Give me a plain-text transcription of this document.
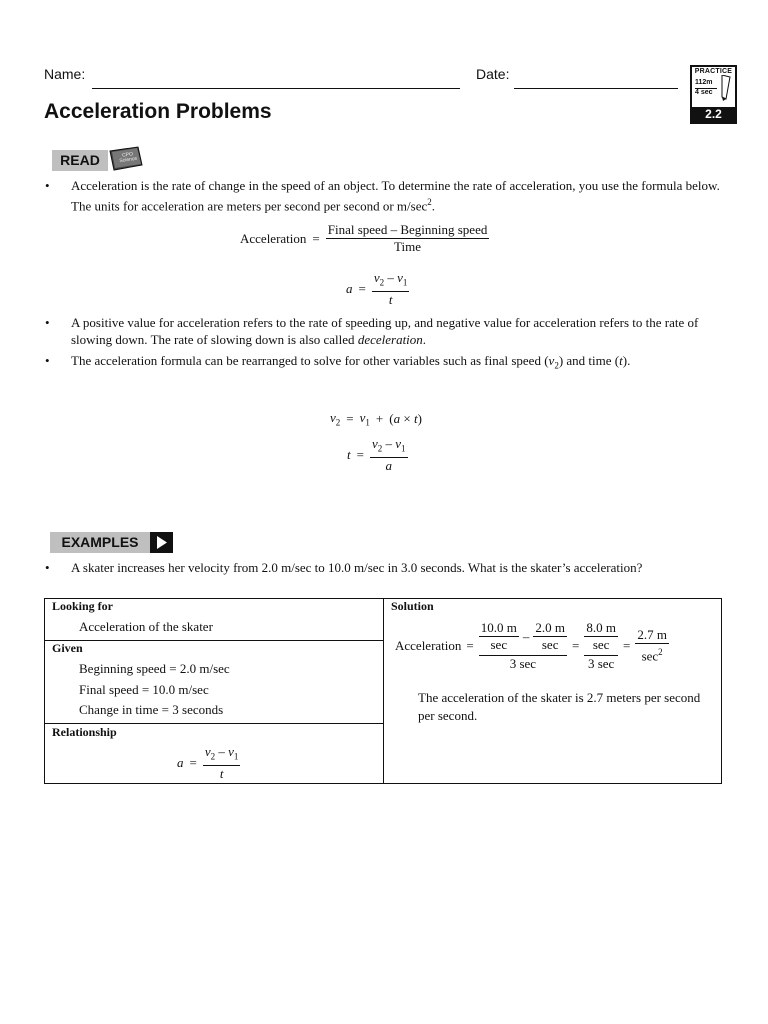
Name:	Date:
Acceleration Problems
PRACTICE
112m
4 sec
2.2
READ	CPO Science
• Acceleration is the rate of change in the speed of an object. To determine the rate of acceleration, you use the formula below. The units for acceleration are meters per second per second or $m/\sec^2$.
Acceleration = $\frac{\text{Final speed – Beginning speed}}{\text{Time}}$
$a = \frac{v_2 - v_1}{t}$
• A positive value for acceleration refers to the rate of speeding up, and negative value for acceleration refers to the rate of slowing down. The rate of slowing down is also called deceleration.
• The acceleration formula can be rearranged to solve for other variables such as final speed $(v_2)$ and time (t).
$v_2 = v_1 + (a \times t)$
$t = \frac{v_2 - v_1}{a}$
EXAMPLES
• A skater increases her velocity from 2.0 m/sec to 10.0 m/sec in 3.0 seconds. What is the skater’s acceleration?
Looking for
Acceleration of the skater
Given
Beginning speed = 2.0 m/sec
Final speed = 10.0 m/sec
Change in time = 3 seconds
Relationship
$a = \frac{v_2 - v_1}{t}$
Solution
Acceleration = $\frac{\frac{10.0 m}{\sec} - \frac{2.0 m}{\sec}}{3 \sec} = \frac{\frac{8.0 m}{\sec}}{3 \sec} = \frac{2.7 m}{\sec^2}$
The acceleration of the skater is 2.7 meters per second per second.
